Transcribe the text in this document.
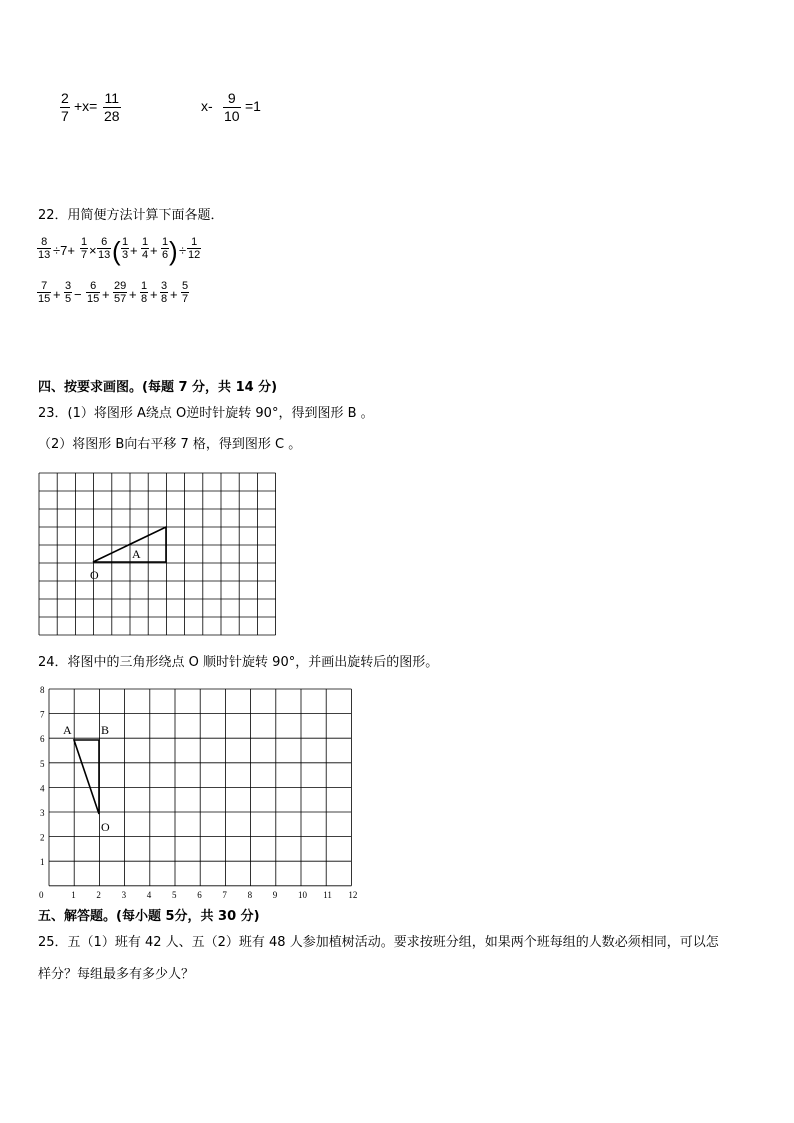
$\frac{2}{7} +x= \frac{11}{28}$	$x- \frac{9}{10} =1$
22．用简便方法计算下面各题．
$\frac{8}{13} \div 7+ \frac{1}{7} \times \frac{6}{13}$ ( $\frac{1}{3} + \frac{1}{4} + \frac{1}{6}$ ) ÷ $\frac{1}{12}$
$\frac{7}{15} + \frac{3}{5} - \frac{6}{15} + \frac{29}{57} + \frac{1}{8} + \frac{3}{8} + \frac{5}{7}$
四、按要求画图。(每题 7 分，共 14 分)
23．(1）将图形 A绕点 O逆时针旋转 90°，得到图形 B 。
（2）将图形 B向右平移 7 格，得到图形 C 。
A
O
24．将图中的三角形绕点 O 顺时针旋转 90°，并画出旋转后的图形。
0	1 2 3 4 5 6 7 8 9 10 11 12
1
2
3
4
5
6
7
8
A B
O
五、解答题。(每小题 5分，共 30 分)
25．五（1）班有 42 人、五（2）班有 48 人参加植树活动。要求按班分组，如果两个班每组的人数必须相同，可以怎
样分？每组最多有多少人？
